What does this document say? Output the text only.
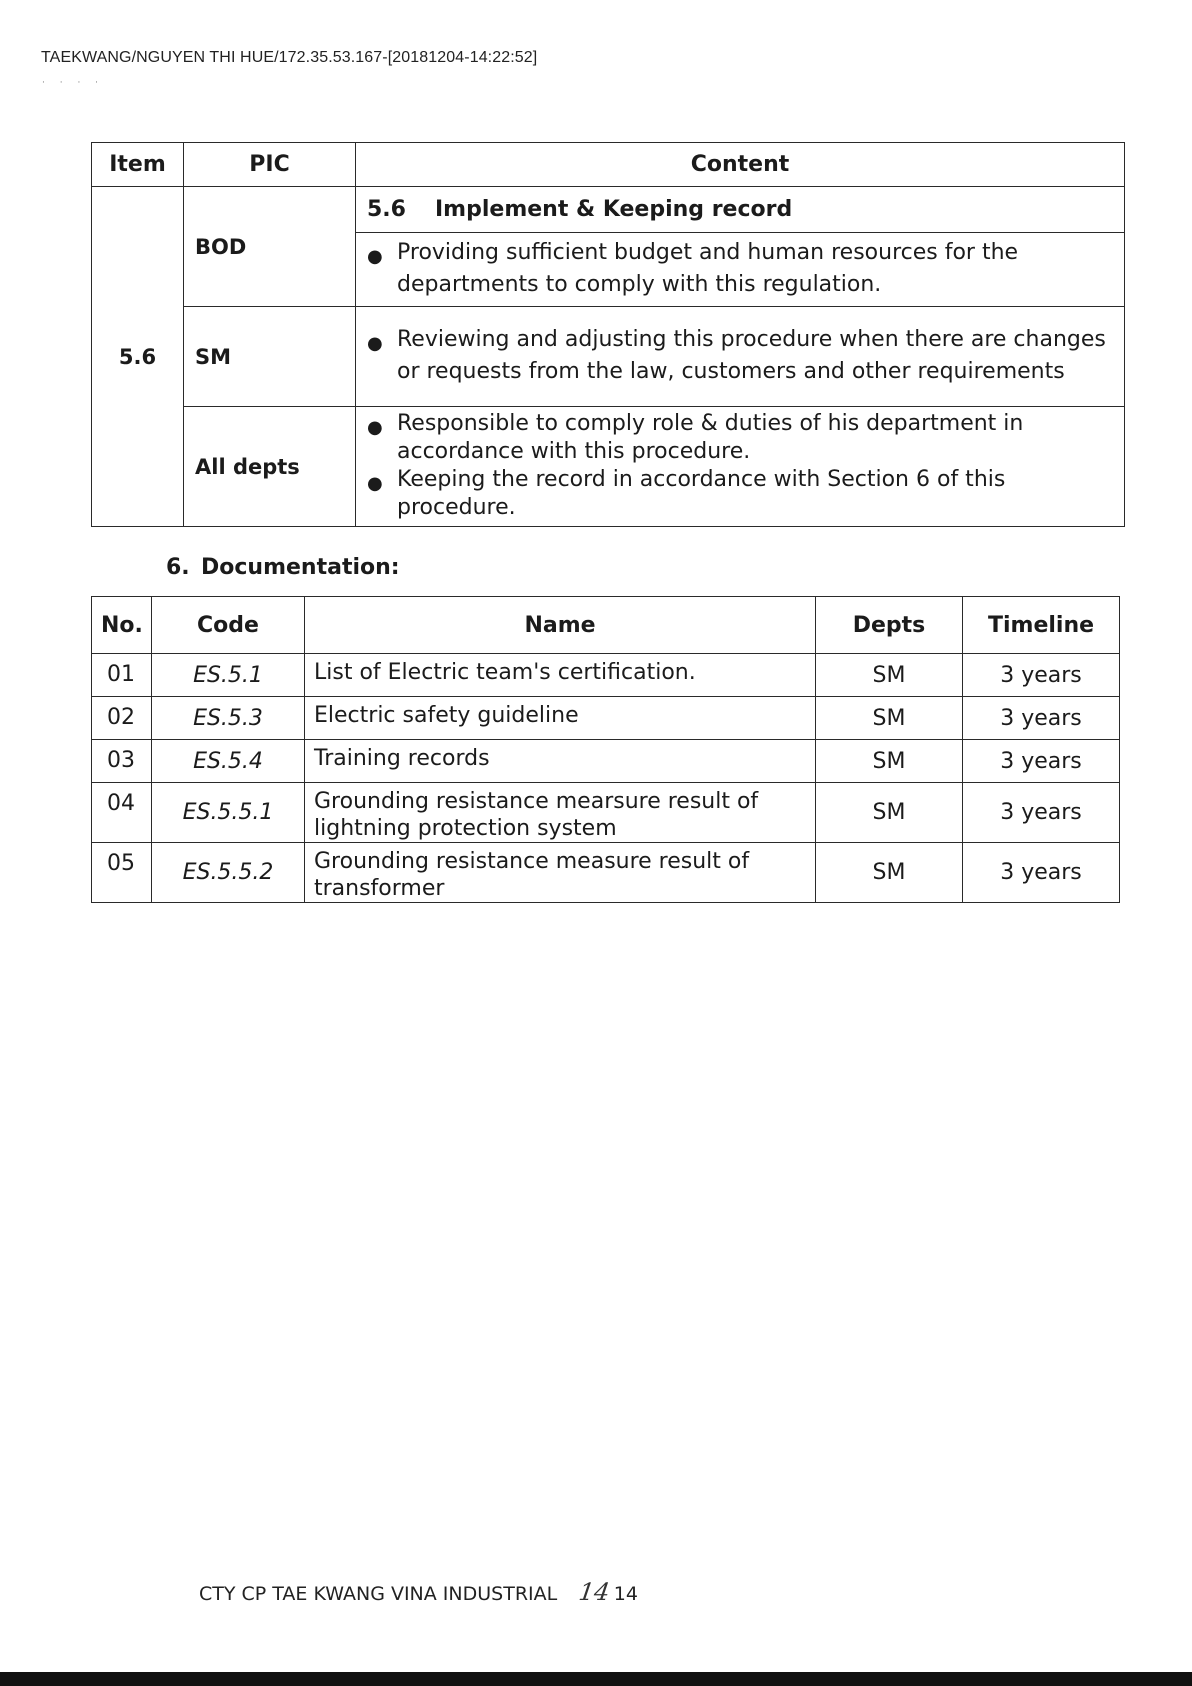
TAEKWANG/NGUYEN THI HUE/172.35.53.167-[20181204-14:22:52]
· · · ·
Item	PIC	Content
5.6	BOD	5.6 Implement & Keeping record

		● Providing sufficient budget and human resources for the departments to comply with this regulation.

	SM	● Reviewing and adjusting this procedure when there are changes or requests from the law, customers and other requirements

	All depts	● Responsible to comply role & duties of his department in accordance with this procedure.
● Keeping the record in accordance with Section 6 of this procedure.
6. Documentation:
No.	Code	Name	Depts	Timeline
01	ES.5.1	List of Electric team's certification.	SM	3 years
02	ES.5.3	Electric safety guideline	SM	3 years
03	ES.5.4	Training records	SM	3 years
04	ES.5.5.1	Grounding resistance mearsure result of lightning protection system	SM	3 years
05	ES.5.5.2	Grounding resistance measure result of transformer	SM	3 years
CTY CP TAE KWANG VINA INDUSTRIAL 14 14
